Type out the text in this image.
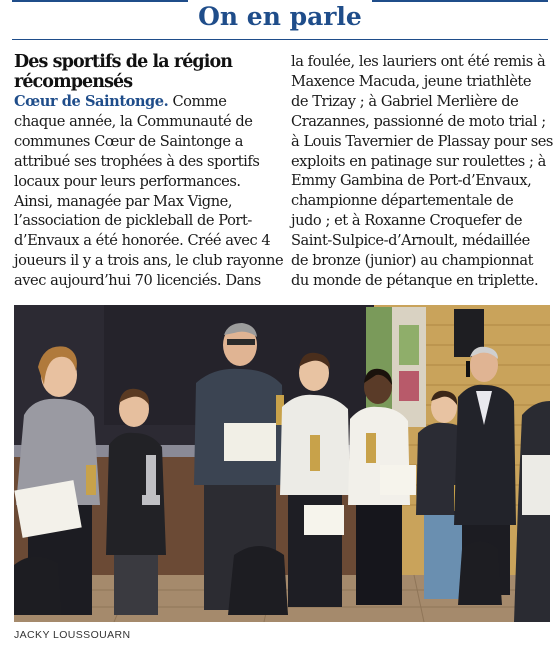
On en parle
Des sportifs de la région
récompensés
Cœur de Saintonge. Comme
chaque année, la Communauté de
communes Cœur de Saintonge a
attribué ses trophées à des sportifs
locaux pour leurs performances.
Ainsi, managée par Max Vigne,
l’association de pickleball de Port-
d’Envaux a été honorée. Créé avec 4
joueurs il y a trois ans, le club rayonne
avec aujourd’hui 70 licenciés. Dans
la foulée, les lauriers ont été remis à
Maxence Macuda, jeune triathlète
de Trizay ; à Gabriel Merlière de
Crazannes, passionné de moto trial ;
à Louis Tavernier de Plassay pour ses
exploits en patinage sur roulettes ; à
Emmy Gambina de Port-d’Envaux,
championne départementale de
judo ; et à Roxanne Croquefer de
Saint-Sulpice-d’Arnoult, médaillée
de bronze (junior) au championnat
du monde de pétanque en triplette.
JACKY LOUSSOUARN
